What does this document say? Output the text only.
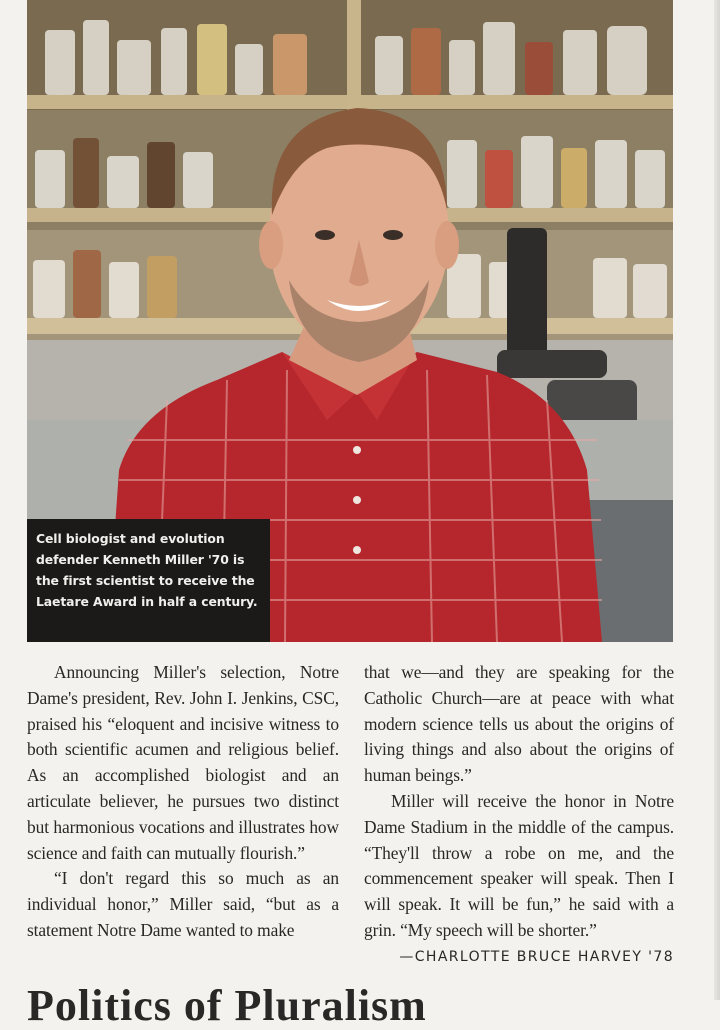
Cell biologist and evolution defender Kenneth Miller '70 is the first scientist to receive the Laetare Award in half a century.

Announcing Miller's selection, Notre Dame's president, Rev. John I. Jenkins, CSC, praised his “eloquent and incisive witness to both scientific acumen and religious belief. As an accomplished biologist and an articulate believer, he pursues two distinct but harmonious vocations and illustrates how science and faith can mutually flourish.”

“I don't regard this so much as an individual honor,” Miller said, “but as a statement Notre Dame wanted to make

that we—and they are speaking for the Catholic Church—are at peace with what modern science tells us about the origins of living things and also about the origins of human beings.”

Miller will receive the honor in Notre Dame Stadium in the middle of the campus. “They'll throw a robe on me, and the commencement speaker will speak. Then I will speak. It will be fun,” he said with a grin. “My speech will be shorter.”

—CHARLOTTE BRUCE HARVEY '78

Politics of Pluralism
